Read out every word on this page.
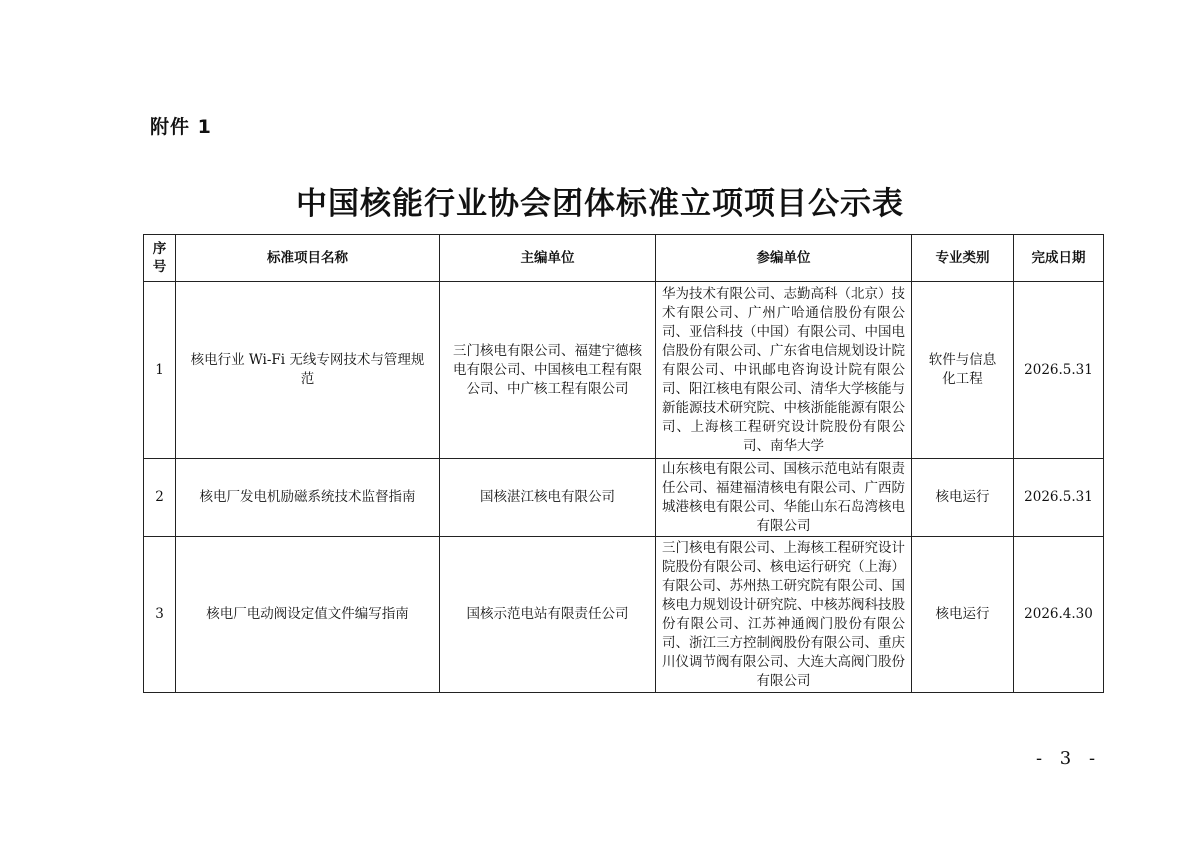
附件 1
中国核能行业协会团体标准立项项目公示表
序号	标准项目名称	主编单位	参编单位	专业类别	完成日期
1	核电行业 Wi-Fi 无线专网技术与管理规范	三门核电有限公司、福建宁德核电有限公司、中国核电工程有限公司、中广核工程有限公司	华为技术有限公司、志勤高科（北京）技术有限公司、广州广哈通信股份有限公司、亚信科技（中国）有限公司、中国电信股份有限公司、广东省电信规划设计院有限公司、中讯邮电咨询设计院有限公司、阳江核电有限公司、清华大学核能与新能源技术研究院、中核浙能能源有限公司、上海核工程研究设计院股份有限公司、南华大学	软件与信息化工程	2026.5.31
2	核电厂发电机励磁系统技术监督指南	国核湛江核电有限公司	山东核电有限公司、国核示范电站有限责任公司、福建福清核电有限公司、广西防城港核电有限公司、华能山东石岛湾核电有限公司	核电运行	2026.5.31
3	核电厂电动阀设定值文件编写指南	国核示范电站有限责任公司	三门核电有限公司、上海核工程研究设计院股份有限公司、核电运行研究（上海）有限公司、苏州热工研究院有限公司、国核电力规划设计研究院、中核苏阀科技股份有限公司、江苏神通阀门股份有限公司、浙江三方控制阀股份有限公司、重庆川仪调节阀有限公司、大连大高阀门股份有限公司	核电运行	2026.4.30
- 3 -
